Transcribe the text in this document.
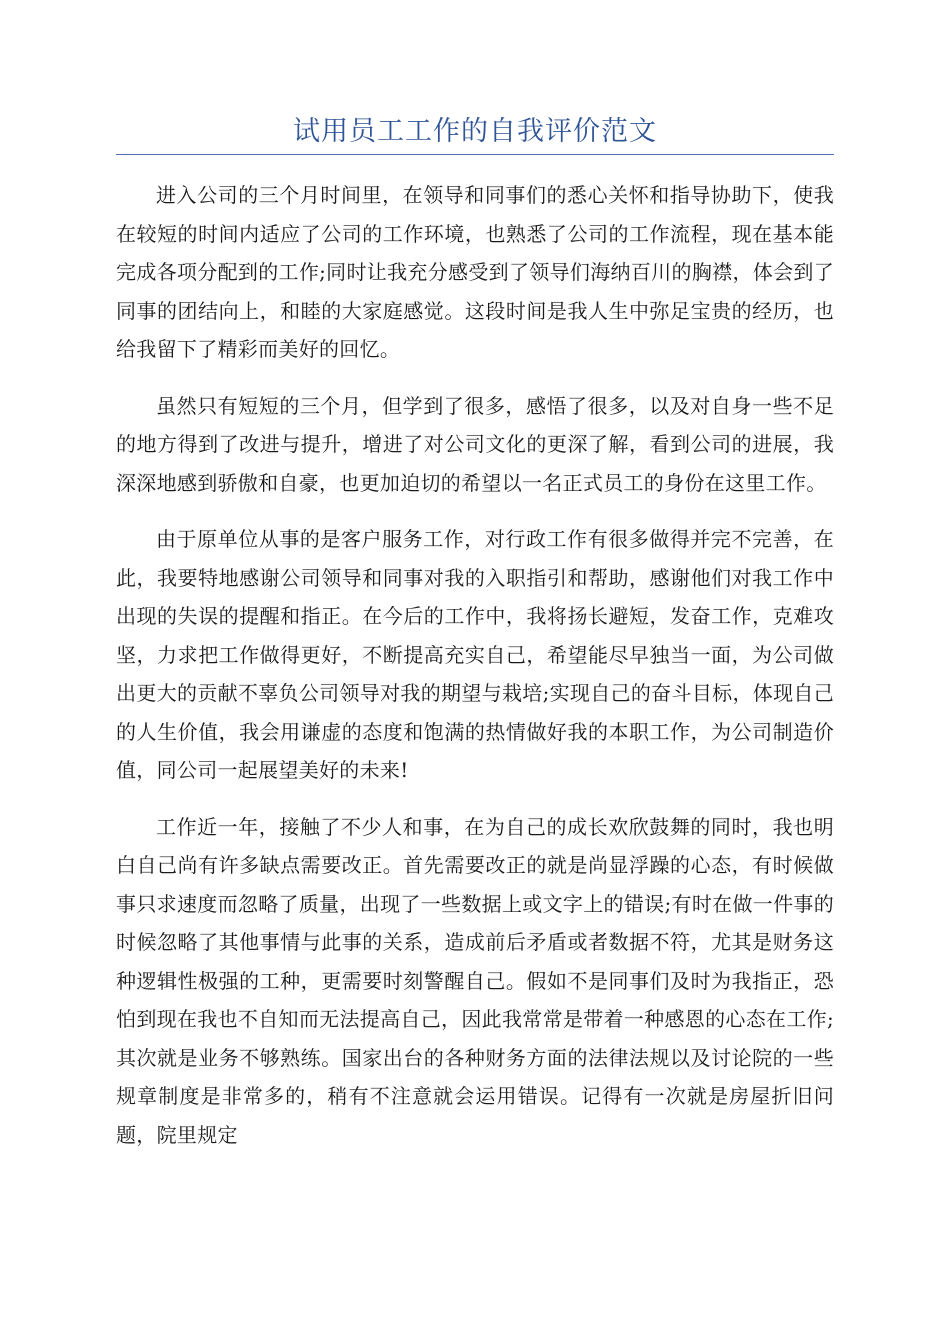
试用员工工作的自我评价范文

进入公司的三个月时间里，在领导和同事们的悉心关怀和指导协助下，使我在较短的时间内适应了公司的工作环境，也熟悉了公司的工作流程，现在基本能完成各项分配到的工作;同时让我充分感受到了领导们海纳百川的胸襟，体会到了同事的团结向上，和睦的大家庭感觉。这段时间是我人生中弥足宝贵的经历，也给我留下了精彩而美好的回忆。

虽然只有短短的三个月，但学到了很多，感悟了很多，以及对自身一些不足的地方得到了改进与提升，增进了对公司文化的更深了解，看到公司的进展，我深深地感到骄傲和自豪，也更加迫切的希望以一名正式员工的身份在这里工作。

由于原单位从事的是客户服务工作，对行政工作有很多做得并完不完善，在此，我要特地感谢公司领导和同事对我的入职指引和帮助，感谢他们对我工作中出现的失误的提醒和指正。在今后的工作中，我将扬长避短，发奋工作，克难攻坚，力求把工作做得更好，不断提高充实自己，希望能尽早独当一面，为公司做出更大的贡献不辜负公司领导对我的期望与栽培;实现自己的奋斗目标，体现自己的人生价值，我会用谦虚的态度和饱满的热情做好我的本职工作，为公司制造价值，同公司一起展望美好的未来!

工作近一年，接触了不少人和事，在为自己的成长欢欣鼓舞的同时，我也明白自己尚有许多缺点需要改正。首先需要改正的就是尚显浮躁的心态，有时候做事只求速度而忽略了质量，出现了一些数据上或文字上的错误;有时在做一件事的时候忽略了其他事情与此事的关系，造成前后矛盾或者数据不符，尤其是财务这种逻辑性极强的工种，更需要时刻警醒自己。假如不是同事们及时为我指正，恐怕到现在我也不自知而无法提高自己，因此我常常是带着一种感恩的心态在工作;其次就是业务不够熟练。国家出台的各种财务方面的法律法规以及讨论院的一些规章制度是非常多的，稍有不注意就会运用错误。记得有一次就是房屋折旧问题，院里规定
